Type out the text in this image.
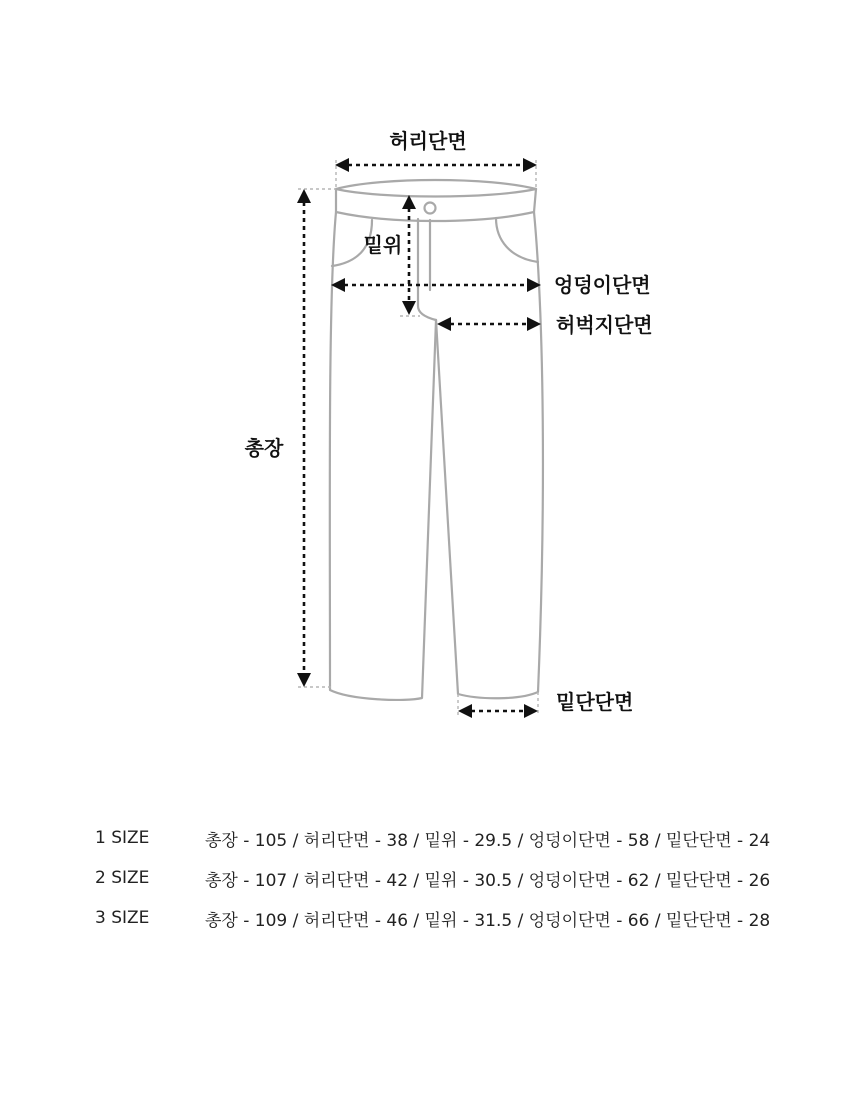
허리단면
밑위
엉덩이단면
허벅지단면
총장
밑단단면
1 SIZE	총장 - 105 / 허리단면 - 38 / 밑위 - 29.5 / 엉덩이단면 - 58 / 밑단단면 - 24
2 SIZE	총장 - 107 / 허리단면 - 42 / 밑위 - 30.5 / 엉덩이단면 - 62 / 밑단단면 - 26
3 SIZE	총장 - 109 / 허리단면 - 46 / 밑위 - 31.5 / 엉덩이단면 - 66 / 밑단단면 - 28
